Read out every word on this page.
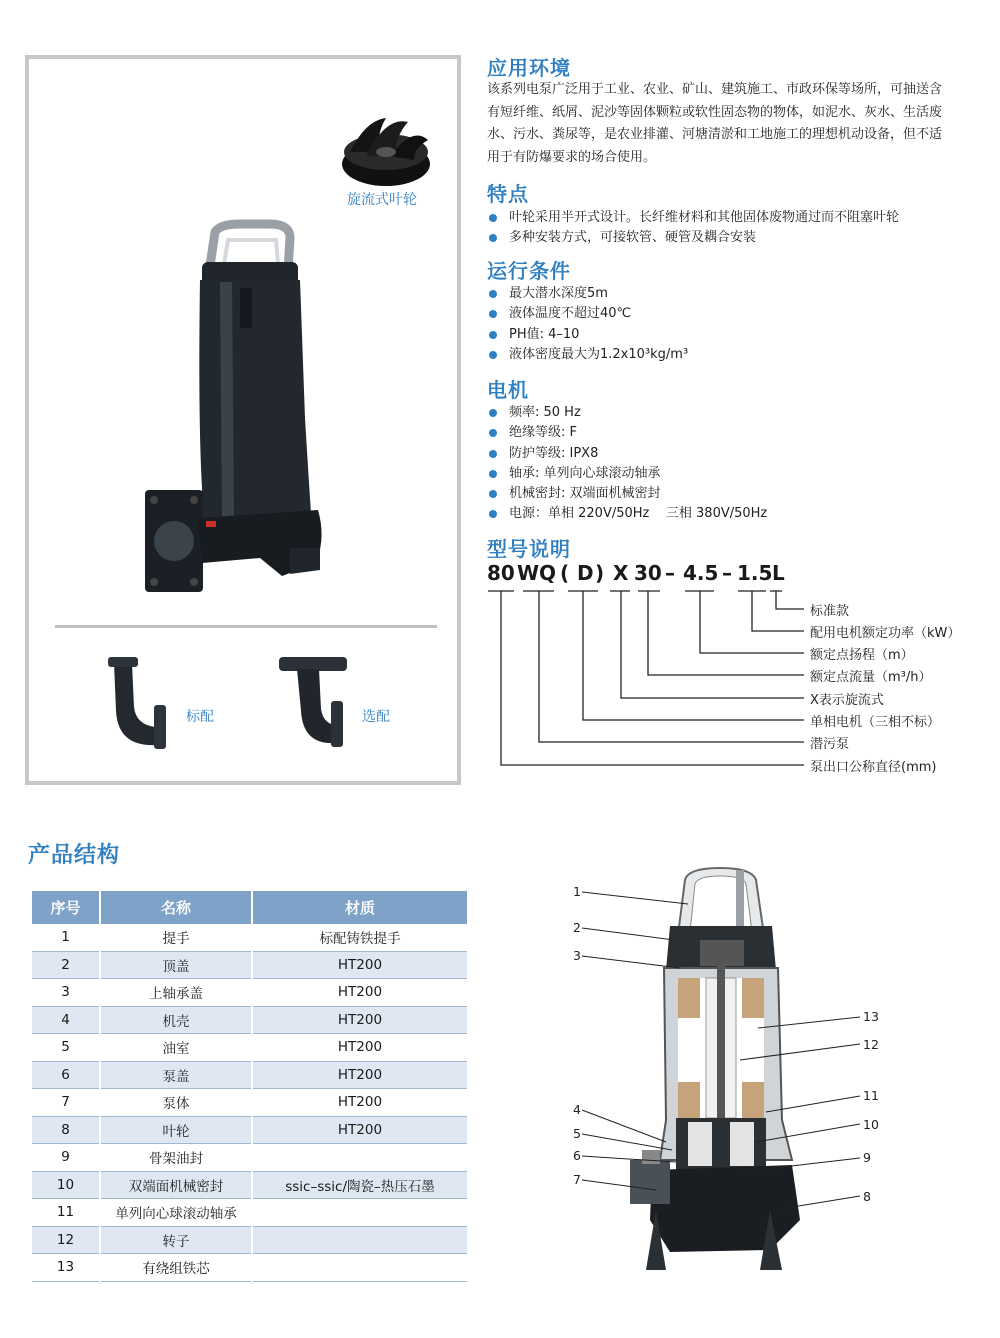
旋流式叶轮
标配	选配
应用环境
该系列电泵广泛用于工业、农业、矿山、建筑施工、市政环保等场所，可抽送含
有短纤维、纸屑、泥沙等固体颗粒或软性固态物的物体，如泥水、灰水、生活废
水、污水、粪尿等，是农业排灌、河塘清淤和工地施工的理想机动设备，但不适
用于有防爆要求的场合使用。
特点
叶轮采用半开式设计。长纤维材料和其他固体废物通过而不阻塞叶轮
多种安装方式，可接软管、硬管及耦合安装
运行条件
最大潜水深度5m
液体温度不超过40℃
PH值: 4–10
液体密度最大为1.2x10³kg/m³
电机
频率: 50 Hz
绝缘等级: F
防护等级: IPX8
轴承: 单列向心球滚动轴承
机械密封: 双端面机械密封
电源：单相 220V/50Hz    三相 380V/50Hz
型号说明
80 WQ ( D ) X 30 – 4.5 – 1.5 L
标准款
配用电机额定功率（kW）
额定点扬程（m）
额定点流量（m³/h）
X表示旋流式
单相电机（三相不标）
潜污泵
泵出口公称直径(mm)
产品结构
序号	名称	材质
1	提手	标配铸铁提手
2	顶盖	HT200
3	上轴承盖	HT200
4	机壳	HT200
5	油室	HT200
6	泵盖	HT200
7	泵体	HT200
8	叶轮	HT200
9	骨架油封	
10	双端面机械密封	ssic–ssic/陶瓷–热压石墨
11	单列向心球滚动轴承	
12	转子	
13	有绕组铁芯	
1
2
3
4
5
6
7
13
12
11
10
9
8
